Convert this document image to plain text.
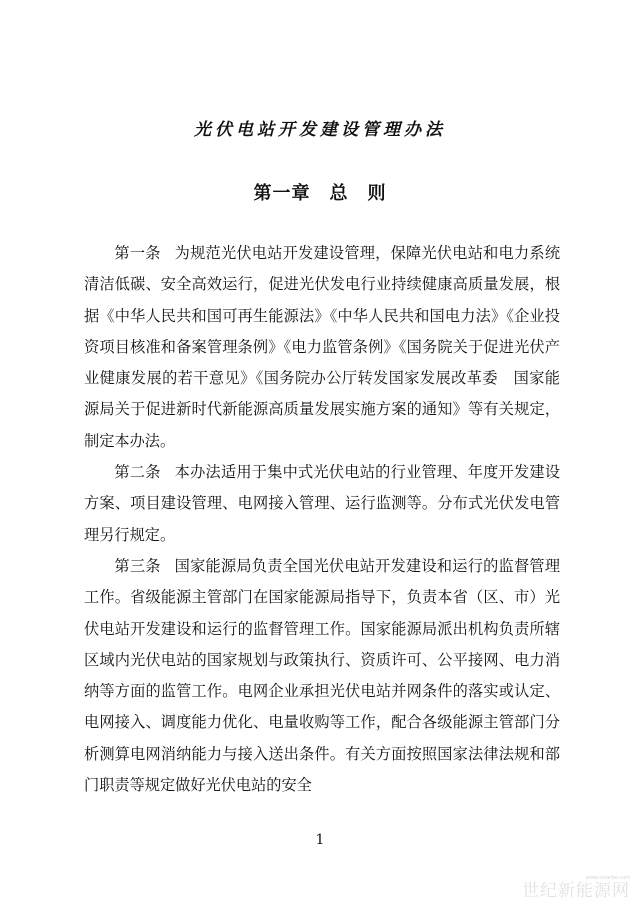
光伏电站开发建设管理办法
第一章　总　则

第一条 为规范光伏电站开发建设管理，保障光伏电站和电力系统清洁低碳、安全高效运行，促进光伏发电行业持续健康高质量发展，根据《中华人民共和国可再生能源法》《中华人民共和国电力法》《企业投资项目核准和备案管理条例》《电力监管条例》《国务院关于促进光伏产业健康发展的若干意见》《国务院办公厅转发国家发展改革委　国家能源局关于促进新时代新能源高质量发展实施方案的通知》等有关规定，制定本办法。

第二条 本办法适用于集中式光伏电站的行业管理、年度开发建设方案、项目建设管理、电网接入管理、运行监测等。分布式光伏发电管理另行规定。

第三条 国家能源局负责全国光伏电站开发建设和运行的监督管理工作。省级能源主管部门在国家能源局指导下，负责本省（区、市）光伏电站开发建设和运行的监督管理工作。国家能源局派出机构负责所辖区域内光伏电站的国家规划与政策执行、资质许可、公平接网、电力消纳等方面的监管工作。电网企业承担光伏电站并网条件的落实或认定、电网接入、调度能力优化、电量收购等工作，配合各级能源主管部门分析测算电网消纳能力与接入送出条件。有关方面按照国家法律法规和部门职责等规定做好光伏电站的安全

1
www.solarbe.com
世纪新能源网
